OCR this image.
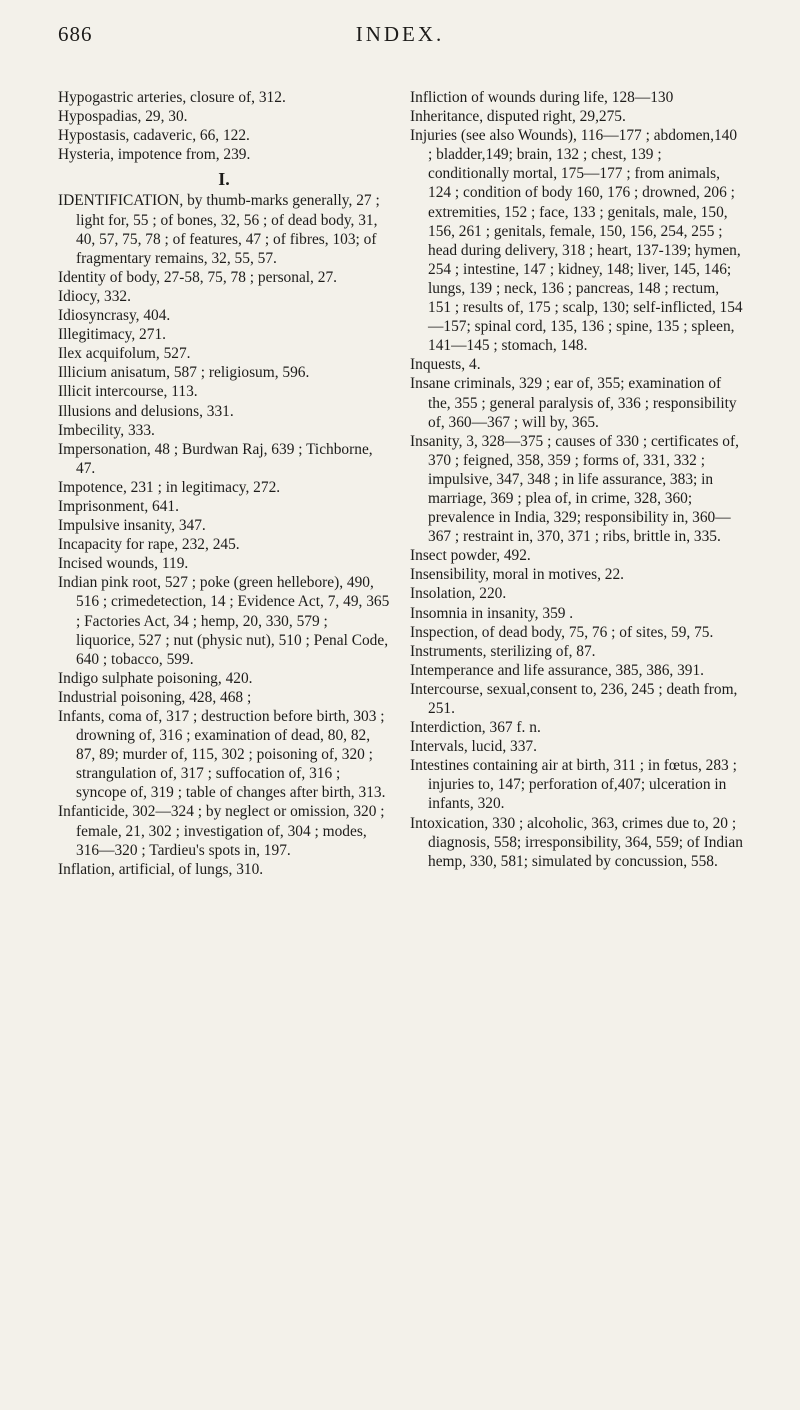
686	INDEX.
Hypogastric arteries, closure of, 312.
Hypospadias, 29, 30.
Hypostasis, cadaveric, 66, 122.
Hysteria, impotence from, 239.
I.
IDENTIFICATION, by thumb-marks generally, 27 ; light for, 55 ; of bones, 32, 56 ; of dead body, 31, 40, 57, 75, 78 ; of features, 47 ; of fibres, 103; of fragmentary remains, 32, 55, 57.
Identity of body, 27-58, 75, 78 ; personal, 27.
Idiocy, 332.
Idiosyncrasy, 404.
Illegitimacy, 271.
Ilex acquifolum, 527.
Illicium anisatum, 587 ; religiosum, 596.
Illicit intercourse, 113.
Illusions and delusions, 331.
Imbecility, 333.
Impersonation, 48 ; Burdwan Raj, 639 ; Tichborne, 47.
Impotence, 231 ; in legitimacy, 272.
Imprisonment, 641.
Impulsive insanity, 347.
Incapacity for rape, 232, 245.
Incised wounds, 119.
Indian pink root, 527 ; poke (green hellebore), 490, 516 ; crimedetection, 14 ; Evidence Act, 7, 49, 365 ; Factories Act, 34 ; hemp, 20, 330, 579 ; liquorice, 527 ; nut (physic nut), 510 ; Penal Code, 640 ; tobacco, 599.
Indigo sulphate poisoning, 420.
Industrial poisoning, 428, 468 ;
Infants, coma of, 317 ; destruction before birth, 303 ; drowning of, 316 ; examination of dead, 80, 82, 87, 89; murder of, 115, 302 ; poisoning of, 320 ; strangulation of, 317 ; suffocation of, 316 ; syncope of, 319 ; table of changes after birth, 313.
Infanticide, 302—324 ; by neglect or omission, 320 ; female, 21, 302 ; investigation of, 304 ; modes, 316—320 ; Tardieu's spots in, 197.
Inflation, artificial, of lungs, 310.
Infliction of wounds during life, 128—130
Inheritance, disputed right, 29,275.
Injuries (see also Wounds), 116—177 ; abdomen,140 ; bladder,149; brain, 132 ; chest, 139 ; conditionally mortal, 175—177 ; from animals, 124 ; condition of body 160, 176 ; drowned, 206 ; extremities, 152 ; face, 133 ; genitals, male, 150, 156, 261 ; genitals, female, 150, 156, 254, 255 ; head during delivery, 318 ; heart, 137-139; hymen, 254 ; intestine, 147 ; kidney, 148; liver, 145, 146; lungs, 139 ; neck, 136 ; pancreas, 148 ; rectum, 151 ; results of, 175 ; scalp, 130; self-inflicted, 154—157; spinal cord, 135, 136 ; spine, 135 ; spleen, 141—145 ; stomach, 148.
Inquests, 4.
Insane criminals, 329 ; ear of, 355; examination of the, 355 ; general paralysis of, 336 ; responsibility of, 360—367 ; will by, 365.
Insanity, 3, 328—375 ; causes of 330 ; certificates of, 370 ; feigned, 358, 359 ; forms of, 331, 332 ; impulsive, 347, 348 ; in life assurance, 383; in marriage, 369 ; plea of, in crime, 328, 360; prevalence in India, 329; responsibility in, 360—367 ; restraint in, 370, 371 ; ribs, brittle in, 335.
Insect powder, 492.
Insensibility, moral in motives, 22.
Insolation, 220.
Insomnia in insanity, 359 .
Inspection, of dead body, 75, 76 ; of sites, 59, 75.
Instruments, sterilizing of, 87.
Intemperance and life assurance, 385, 386, 391.
Intercourse, sexual,consent to, 236, 245 ; death from, 251.
Interdiction, 367 f. n.
Intervals, lucid, 337.
Intestines containing air at birth, 311 ; in fœtus, 283 ; injuries to, 147; perforation of,407; ulceration in infants, 320.
Intoxication, 330 ; alcoholic, 363, crimes due to, 20 ; diagnosis, 558; irresponsibility, 364, 559; of Indian hemp, 330, 581; simulated by concussion, 558.
